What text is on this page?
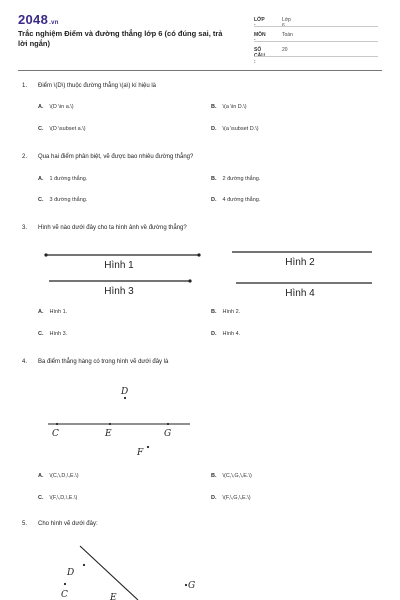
2048.vn
Trắc nghiệm Điểm và đường thẳng lớp 6 (có đúng sai, trả lời ngắn)
LỚP :
Lớp 6
MÔN :
Toán
SỐ CÂU :
20
1. Điểm \(D\) thuộc đường thẳng \(a\) kí hiệu là
A. \(D \in a.\)	B. \(a \in D.\)
C. \(D \subset a.\)	D. \(a \subset D.\)
2. Qua hai điểm phân biệt, vẽ được bao nhiêu đường thẳng?
A. 1 đường thẳng.	B. 2 đường thẳng.
C. 3 đường thẳng.	D. 4 đường thẳng.
3. Hình vẽ nào dưới đây cho ta hình ảnh về đường thẳng?
Hình 1	Hình 2
Hình 3	Hình 4
D
C	E	G
F
D
C	E
G
A. Hình 1.	B. Hình 2.
C. Hình 3.	D. Hình 4.
4. Ba điểm thẳng hàng có trong hình vẽ dưới đây là
A. \(C,\,D,\,E.\)	B. \(C,\,G,\,E.\)
C. \(F,\,D,\,E.\)	D. \(F,\,G,\,E.\)
5. Cho hình vẽ dưới đây:
